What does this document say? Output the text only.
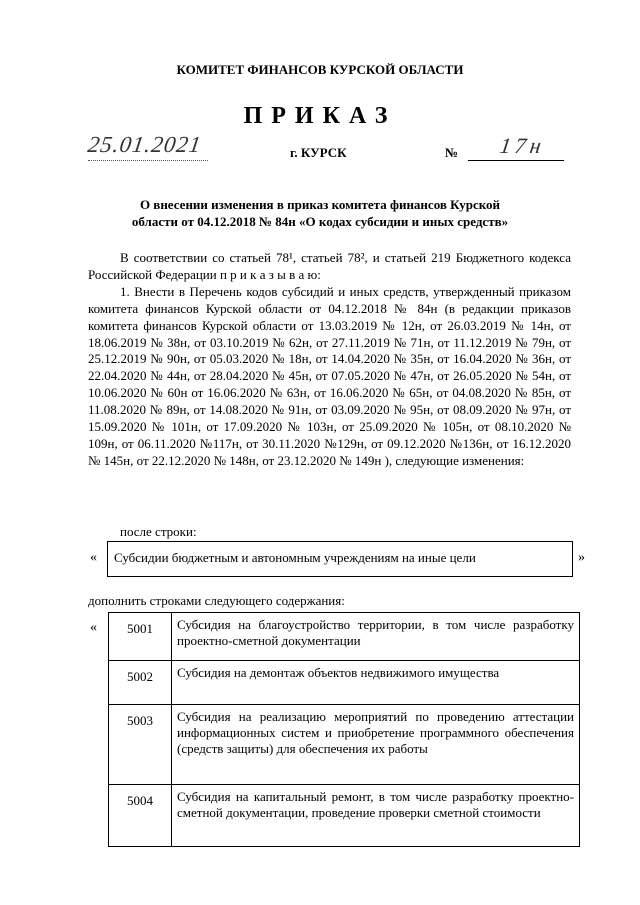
КОМИТЕТ ФИНАНСОВ КУРСКОЙ ОБЛАСТИ
ПРИКАЗ
25.01.2021	г. КУРСК	№ 17н
О внесении изменения в приказ комитета финансов Курской
области от 04.12.2018 № 84н «О кодах субсидии и иных средств»

В соответствии со статьей 78¹, статьей 78², и статьей 219 Бюджетного кодекса Российской Федерации п р и к а з ы в а ю:

1. Внести в Перечень кодов субсидий и иных средств, утвержденный приказом комитета финансов Курской области от 04.12.2018 № 84н (в редакции приказов комитета финансов Курской области от 13.03.2019 № 12н, от 26.03.2019 № 14н, от 18.06.2019 № 38н, от 03.10.2019 № 62н, от 27.11.2019 № 71н, от 11.12.2019 № 79н, от 25.12.2019 № 90н, от 05.03.2020 № 18н, от 14.04.2020 № 35н, от 16.04.2020 № 36н, от 22.04.2020 № 44н, от 28.04.2020 № 45н, от 07.05.2020 № 47н, от 26.05.2020 № 54н, от 10.06.2020 № 60н от 16.06.2020 № 63н, от 16.06.2020 № 65н, от 04.08.2020 № 85н, от 11.08.2020 № 89н, от 14.08.2020 № 91н, от 03.09.2020 № 95н, от 08.09.2020 № 97н, от 15.09.2020 № 101н, от 17.09.2020 № 103н, от 25.09.2020 № 105н, от 08.10.2020 № 109н, от 06.11.2020 №117н, от 30.11.2020 №129н, от 09.12.2020 №136н, от 16.12.2020 № 145н, от 22.12.2020 № 148н, от 23.12.2020 № 149н ), следующие изменения:

после строки:
«	Субсидии бюджетным и автономным учреждениям на иные цели	»
дополнить строками следующего содержания:
« 5001	Субсидия на благоустройство территории, в том числе разработку проектно-сметной документации
5002	Субсидия на демонтаж объектов недвижимого имущества
5003	Субсидия на реализацию мероприятий по проведению аттестации информационных систем и приобретение программного обеспечения (средств защиты) для обеспечения их работы
5004	Субсидия на капитальный ремонт, в том числе разработку проектно-сметной документации, проведение проверки сметной стоимости
